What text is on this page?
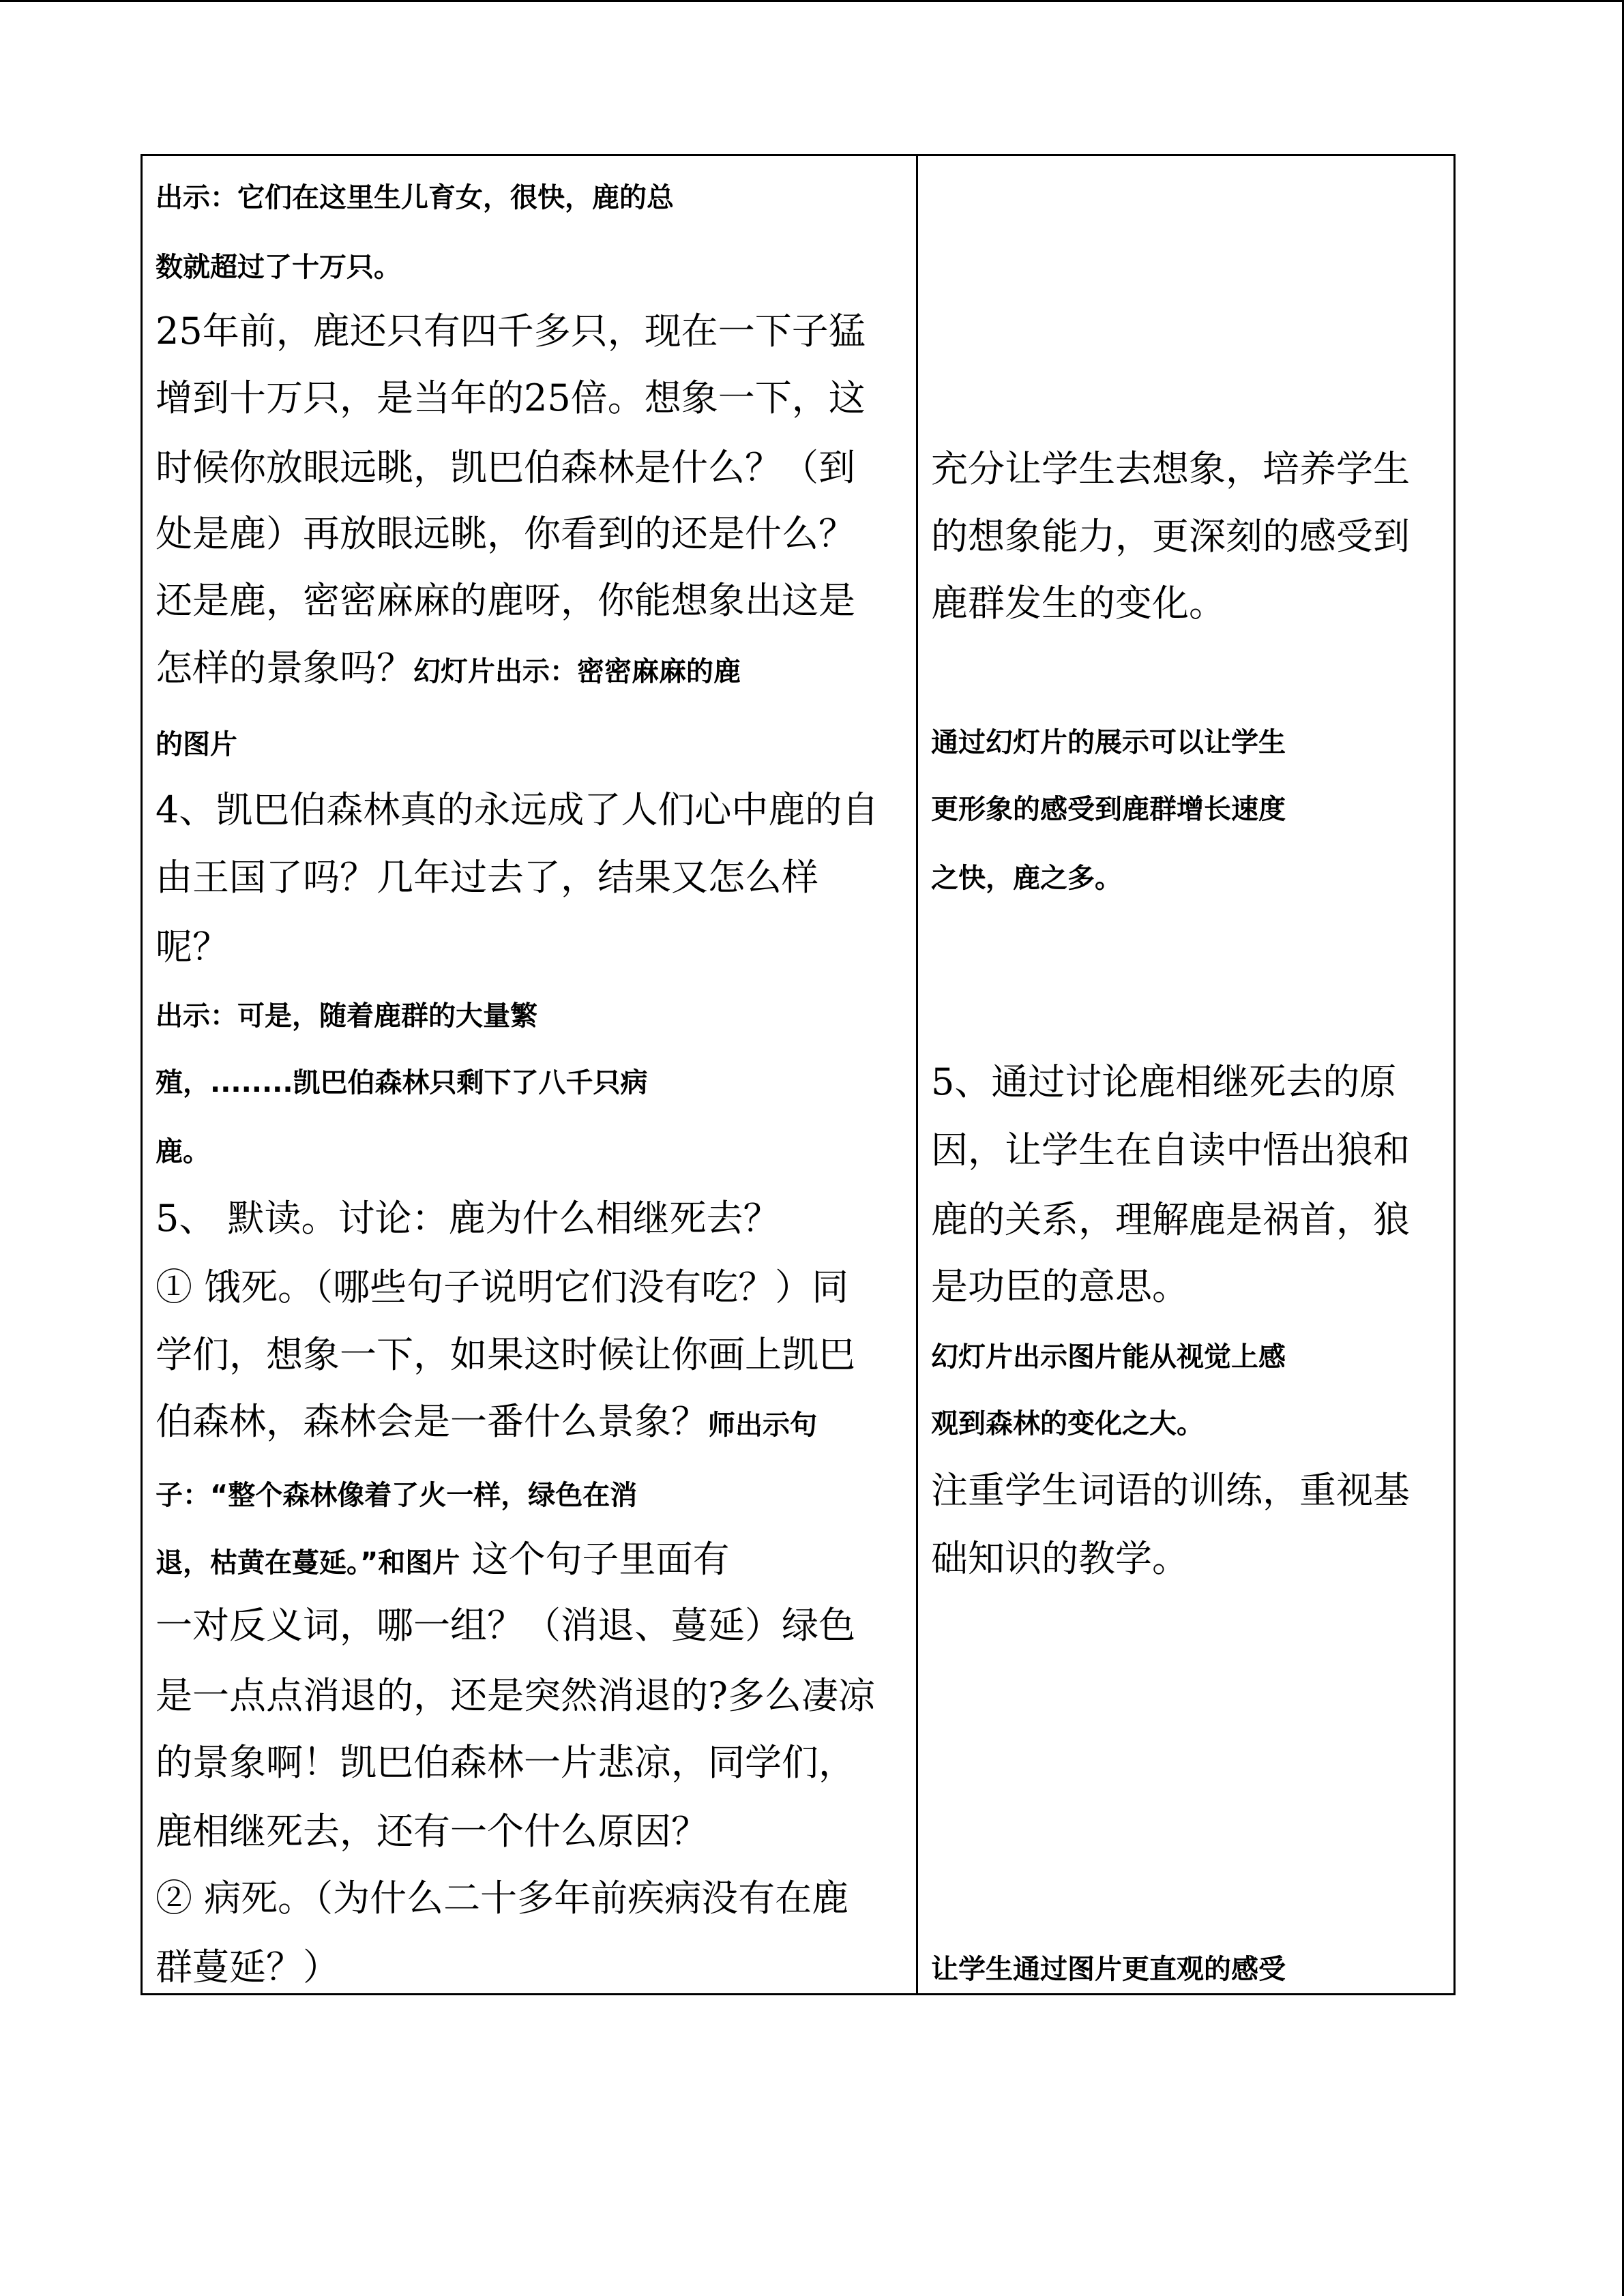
出示：它们在这里生儿育女，很快，鹿的总
数就超过了十万只。
25年前，鹿还只有四千多只，现在一下子猛
增到十万只，是当年的25倍。想象一下，这
时候你放眼远眺，凯巴伯森林是什么？（到
处是鹿）再放眼远眺，你看到的还是什么？
还是鹿，密密麻麻的鹿呀，你能想象出这是
怎样的景象吗？幻灯片出示：密密麻麻的鹿
的图片
4、凯巴伯森林真的永远成了人们心中鹿的自
由王国了吗？几年过去了，结果又怎么样
呢？
出示：可是，随着鹿群的大量繁
殖，........凯巴伯森林只剩下了八千只病
鹿。
5、 默读。讨论：鹿为什么相继死去？
① 饿死。（哪些句子说明它们没有吃？）同
学们，想象一下，如果这时候让你画上凯巴
伯森林，森林会是一番什么景象？师出示句
子：“整个森林像着了火一样，绿色在消
退，枯黄在蔓延。”和图片 这个句子里面有
一对反义词，哪一组？（消退、蔓延）绿色
是一点点消退的，还是突然消退的?多么凄凉
的景象啊！凯巴伯森林一片悲凉，同学们，
鹿相继死去，还有一个什么原因？
② 病死。（为什么二十多年前疾病没有在鹿
群蔓延？）
充分让学生去想象，培养学生
的想象能力，更深刻的感受到
鹿群发生的变化。
通过幻灯片的展示可以让学生
更形象的感受到鹿群增长速度
之快，鹿之多。
5、通过讨论鹿相继死去的原
因，让学生在自读中悟出狼和
鹿的关系，理解鹿是祸首，狼
是功臣的意思。
幻灯片出示图片能从视觉上感
观到森林的变化之大。
注重学生词语的训练，重视基
础知识的教学。
让学生通过图片更直观的感受
